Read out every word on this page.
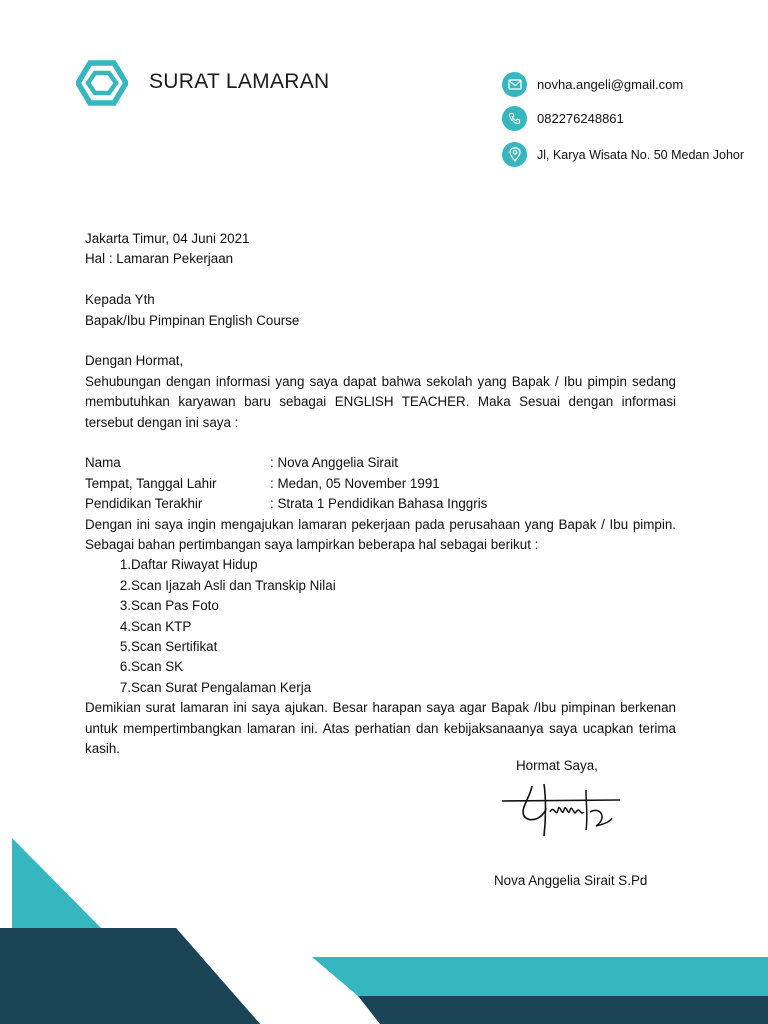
SURAT LAMARAN	novha.angeli@gmail.com
082276248861
Jl, Karya Wisata No. 50 Medan Johor

Jakarta Timur, 04 Juni 2021

Hal : Lamaran Pekerjaan

Kepada Yth

Bapak/Ibu Pimpinan English Course

Dengan Hormat,

Sehubungan dengan informasi yang saya dapat bahwa sekolah yang Bapak / Ibu pimpin sedang membutuhkan karyawan baru sebagai ENGLISH TEACHER. Maka Sesuai dengan informasi tersebut dengan ini saya :

Nama	: Nova Anggelia Sirait
Tempat, Tanggal Lahir	: Medan, 05 November 1991
Pendidikan Terakhir	: Strata 1 Pendidikan Bahasa Inggris

Dengan ini saya ingin mengajukan lamaran pekerjaan pada perusahaan yang Bapak / Ibu pimpin. Sebagai bahan pertimbangan saya lampirkan beberapa hal sebagai berikut :

1. Daftar Riwayat Hidup
2. Scan Ijazah Asli dan Transkip Nilai
3. Scan Pas Foto
4. Scan KTP
5. Scan Sertifikat
6. Scan SK
7. Scan Surat Pengalaman Kerja

Demikian surat lamaran ini saya ajukan. Besar harapan saya agar Bapak /Ibu pimpinan berkenan untuk mempertimbangkan lamaran ini. Atas perhatian dan kebijaksanaanya saya ucapkan terima kasih.

Hormat Saya,
Nova Anggelia Sirait S.Pd
